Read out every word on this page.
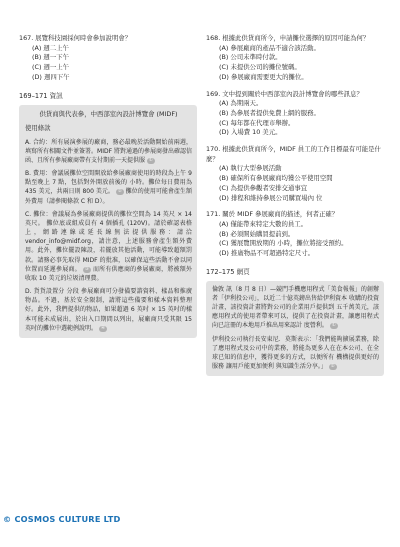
167. 展覽科技園採何時會參加說明會？
(A) 週二上午
(B) 週一下午
(C) 週一上午
(D) 週四下午
169–171 資訊
供貨商與代表參，中西部室內設計博覽會 (MIDF)
使用條款
A. 合約：所有展演參展的廠商，務必最晚於活動開始前兩週，填寫所有相關文件並簽署。MIDF 將對通過的參展商發出確認信函、且所有參展廠商帶有支付期前一天提供服 ①
B. 費用：會議展攤位空間開放給參展廠商使用的時段為上午 9 點至晚上 7 點，包括對外開放前後的 小時。攤位每日費用為 435 美元，共兩日則 800 美元。 ② 攤位的使用可能會產生額外費用（請參閱條款 C 和 D）。
C. 攤位：會議展為參展廠商提供的攤位空間為 14 英尺 × 14 英尺。 攤位底或組成員有 4 個插孔 (120V)。請於確認表格上，網路連線或延長線無法提供服務：請洽 vendor_info@midf.org，請注意，上述服務會產生額外費用。此外，攤位擺設陳設，若擺放其他活動，可能導致超額罰款。請務必事先取得 MIDF 的批准，以確保這些活動不會以同位置而延遲參展商。 ③ 而所有供應商的參展廠商，將被額外收取 10 美元的垃圾清理費。
D. 貨貨設置分 分段 參展廠商可分發備要諮資料、樣品和推廣物品。不過，基於安全限制，請將這些備要和樣本資料整理好。此外，我們提供的物品，如果超過 6 英吋 × 15 英吋的樣本可能未成展出，於出入口期間以列出，展廠商只受其限 15 英吋的攤位中選範例說明。 ④
168. 根據此供貨商所今，申請攤位選擇的原因可能為何？
(A) 參展廠商的產品不適合該活動。
(B) 公司未準時付款。
(C) 未提供公司的攤位號碼。
(D) 參展廠商需要更大的攤位。
169. 文中提到關於中西部室內設計博覽會的哪些訊息？
(A) 為期兩天。
(B) 為參展者提供免費上網的服務。
(C) 每年都在代理市舉辦。
(D) 入場費 10 美元。
170. 根據此供貨商所今，MIDF 員工的工作目標最有可能是什麼？
(A) 執行大型參展活動
(B) 確保所有參展廠商均獲公平使用空間
(C) 為提供參觀者安排交通事宜
(D) 排程和維持參展公司購買場內 位
171. 關於 MIDF 參展廠商的描述，何者正確？
(A) 僅能帶來特定大數的員工。
(B) 必須開始購買提前到。
(C) 獲展覽開放期的 小時，攤位將接受預約。
(D) 推廣物品不可超過特定尺寸。
172–175 網頁
倫敦 訊（8 月 8 日）—競門手機應用程式「美食報報」的創辦者「伊利投公司」，以近二十億英鎊出售給伊利資本 收購的投資計畫，該投資計畫將對公司的企業用戶提供到 五千萬美元，該應用程式的使用者帶來可以，提供了在投資計畫，讓應用程式向已註冊的本地用戶推出用來認計 度營利。 ①
伊利投公司執行長安東尼．莫斯表示：「我們能夠擴展業務，除了應用程式及公司中的業務，將能為更多人在在本公司、在全球已知的信息中，獲得更多的方式，以便所有 機構提供更好的服務 讓用戶能更加便利 與知識生活分享。」 ②
© COSMOS CULTURE LTD
